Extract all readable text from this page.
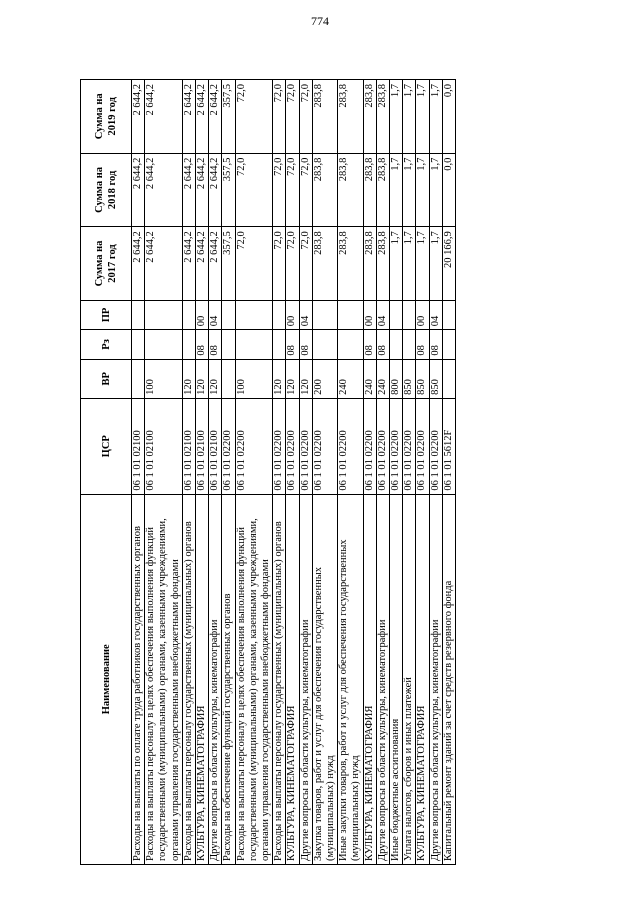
774
Наименование	ЦСР	ВР	Рз	ПР	Сумма на 2017 год	Сумма на 2018 год	Сумма на 2019 год
Расходы на выплаты по оплате труда работников государственных органов	06 1 01 02100				2 644,2	2 644,2	2 644,2
Расходы на выплаты персоналу в целях обеспечения выполнения функций государственными (муниципальными) органами, казенными учреждениями, органами управления государственными внебюджетными фондами	06 1 01 02100	100			2 644,2	2 644,2	2 644,2
Расходы на выплаты персоналу государственных (муниципальных) органов	06 1 01 02100	120			2 644,2	2 644,2	2 644,2
КУЛЬТУРА, КИНЕМАТОГРАФИЯ	06 1 01 02100	120	08	00	2 644,2	2 644,2	2 644,2
Другие вопросы в области культуры, кинематографии	06 1 01 02100	120	08	04	2 644,2	2 644,2	2 644,2
Расходы на обеспечение функций государственных органов	06 1 01 02200				357,5	357,5	357,5
Расходы на выплаты персоналу в целях обеспечения выполнения функций государственными (муниципальными) органами, казенными учреждениями, органами управления государственными внебюджетными фондами	06 1 01 02200	100			72,0	72,0	72,0
Расходы на выплаты персоналу государственных (муниципальных) органов	06 1 01 02200	120			72,0	72,0	72,0
КУЛЬТУРА, КИНЕМАТОГРАФИЯ	06 1 01 02200	120	08	00	72,0	72,0	72,0
Другие вопросы в области культуры, кинематографии	06 1 01 02200	120	08	04	72,0	72,0	72,0
Закупка товаров, работ и услуг для обеспечения государственных (муниципальных) нужд	06 1 01 02200	200			283,8	283,8	283,8
Иные закупки товаров, работ и услуг для обеспечения государственных (муниципальных) нужд	06 1 01 02200	240			283,8	283,8	283,8
КУЛЬТУРА, КИНЕМАТОГРАФИЯ	06 1 01 02200	240	08	00	283,8	283,8	283,8
Другие вопросы в области культуры, кинематографии	06 1 01 02200	240	08	04	283,8	283,8	283,8
Иные бюджетные ассигнования	06 1 01 02200	800			1,7	1,7	1,7
Уплата налогов, сборов и иных платежей	06 1 01 02200	850			1,7	1,7	1,7
КУЛЬТУРА, КИНЕМАТОГРАФИЯ	06 1 01 02200	850	08	00	1,7	1,7	1,7
Другие вопросы в области культуры, кинематографии	06 1 01 02200	850	08	04	1,7	1,7	1,7
Капитальный ремонт зданий за счет средств резервного фонда	06 1 01 5612F				20 166,9	0,0	0,0
